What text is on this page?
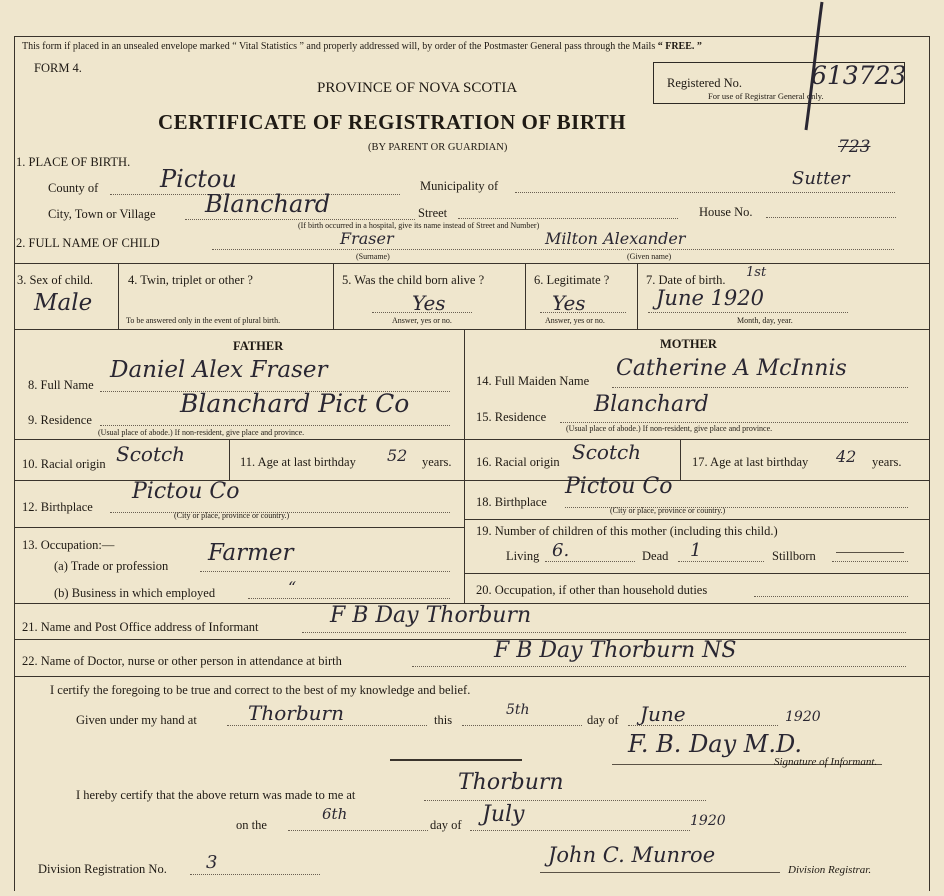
This form if placed in an unsealed envelope marked “ Vital Statistics ” and properly addressed will, by order of the Postmaster General pass through the Mails “ FREE. ”
FORM 4.
PROVINCE OF NOVA SCOTIA	Registered No.	613723
For use of Registrar General only.
723
CERTIFICATE OF REGISTRATION OF BIRTH
(BY PARENT OR GUARDIAN)
1. PLACE OF BIRTH.
County of	Pictou	Municipality of	Sutter
City, Town or Village Blanchard	Street	House No.
(If birth occurred in a hospital, give its name instead of Street and Number)
2. FULL NAME OF CHILD	Fraser	Milton Alexander
(Surname)	(Given name)
3. Sex of child.
Male
4. Twin, triplet or other ?
To be answered only in the event of plural birth.
5. Was the child born alive ?
Yes
Answer, yes or no.
6. Legitimate ?
Yes
Answer, yes or no.
7. Date of birth. 1st
June 1920
Month, day, year.
FATHER	MOTHER
8. Full Name
Daniel Alex Fraser	14. Full Maiden Name Catherine A McInnis
9. Residence
Blanchard Pict Co
(Usual place of abode.) If non-resident, give place and province.
15. Residence Blanchard
(Usual place of abode.) If non-resident, give place and province.
10. Racial origin Scotch	11. Age at last birthday 52 years. 16. Racial origin Scotch	17. Age at last birthday 42 years.
12. Birthplace
Pictou Co
(City or place, province or country.)
18. Birthplace
Pictou Co
(City or place, province or country.)
19. Number of children of this mother (including this child.)
Living 6.	Dead 1	Stillborn
20. Occupation, if other than household duties
13. Occupation:—
(a) Trade or profession Farmer
(b) Business in which employed	“
21. Name and Post Office address of Informant	F B Day Thorburn
22. Name of Doctor, nurse or other person in attendance at birth	F B Day Thorburn NS
I certify the foregoing to be true and correct to the best of my knowledge and belief.
Given under my hand at	Thorburn	this
5th
day of June	1920
F. B. Day M.D.
Signature of Informant.
I hereby certify that the above return was made to me at	Thorburn
on the
6th
day of July	1920
Division Registration No. 3	John C. Munroe
Division Registrar.
